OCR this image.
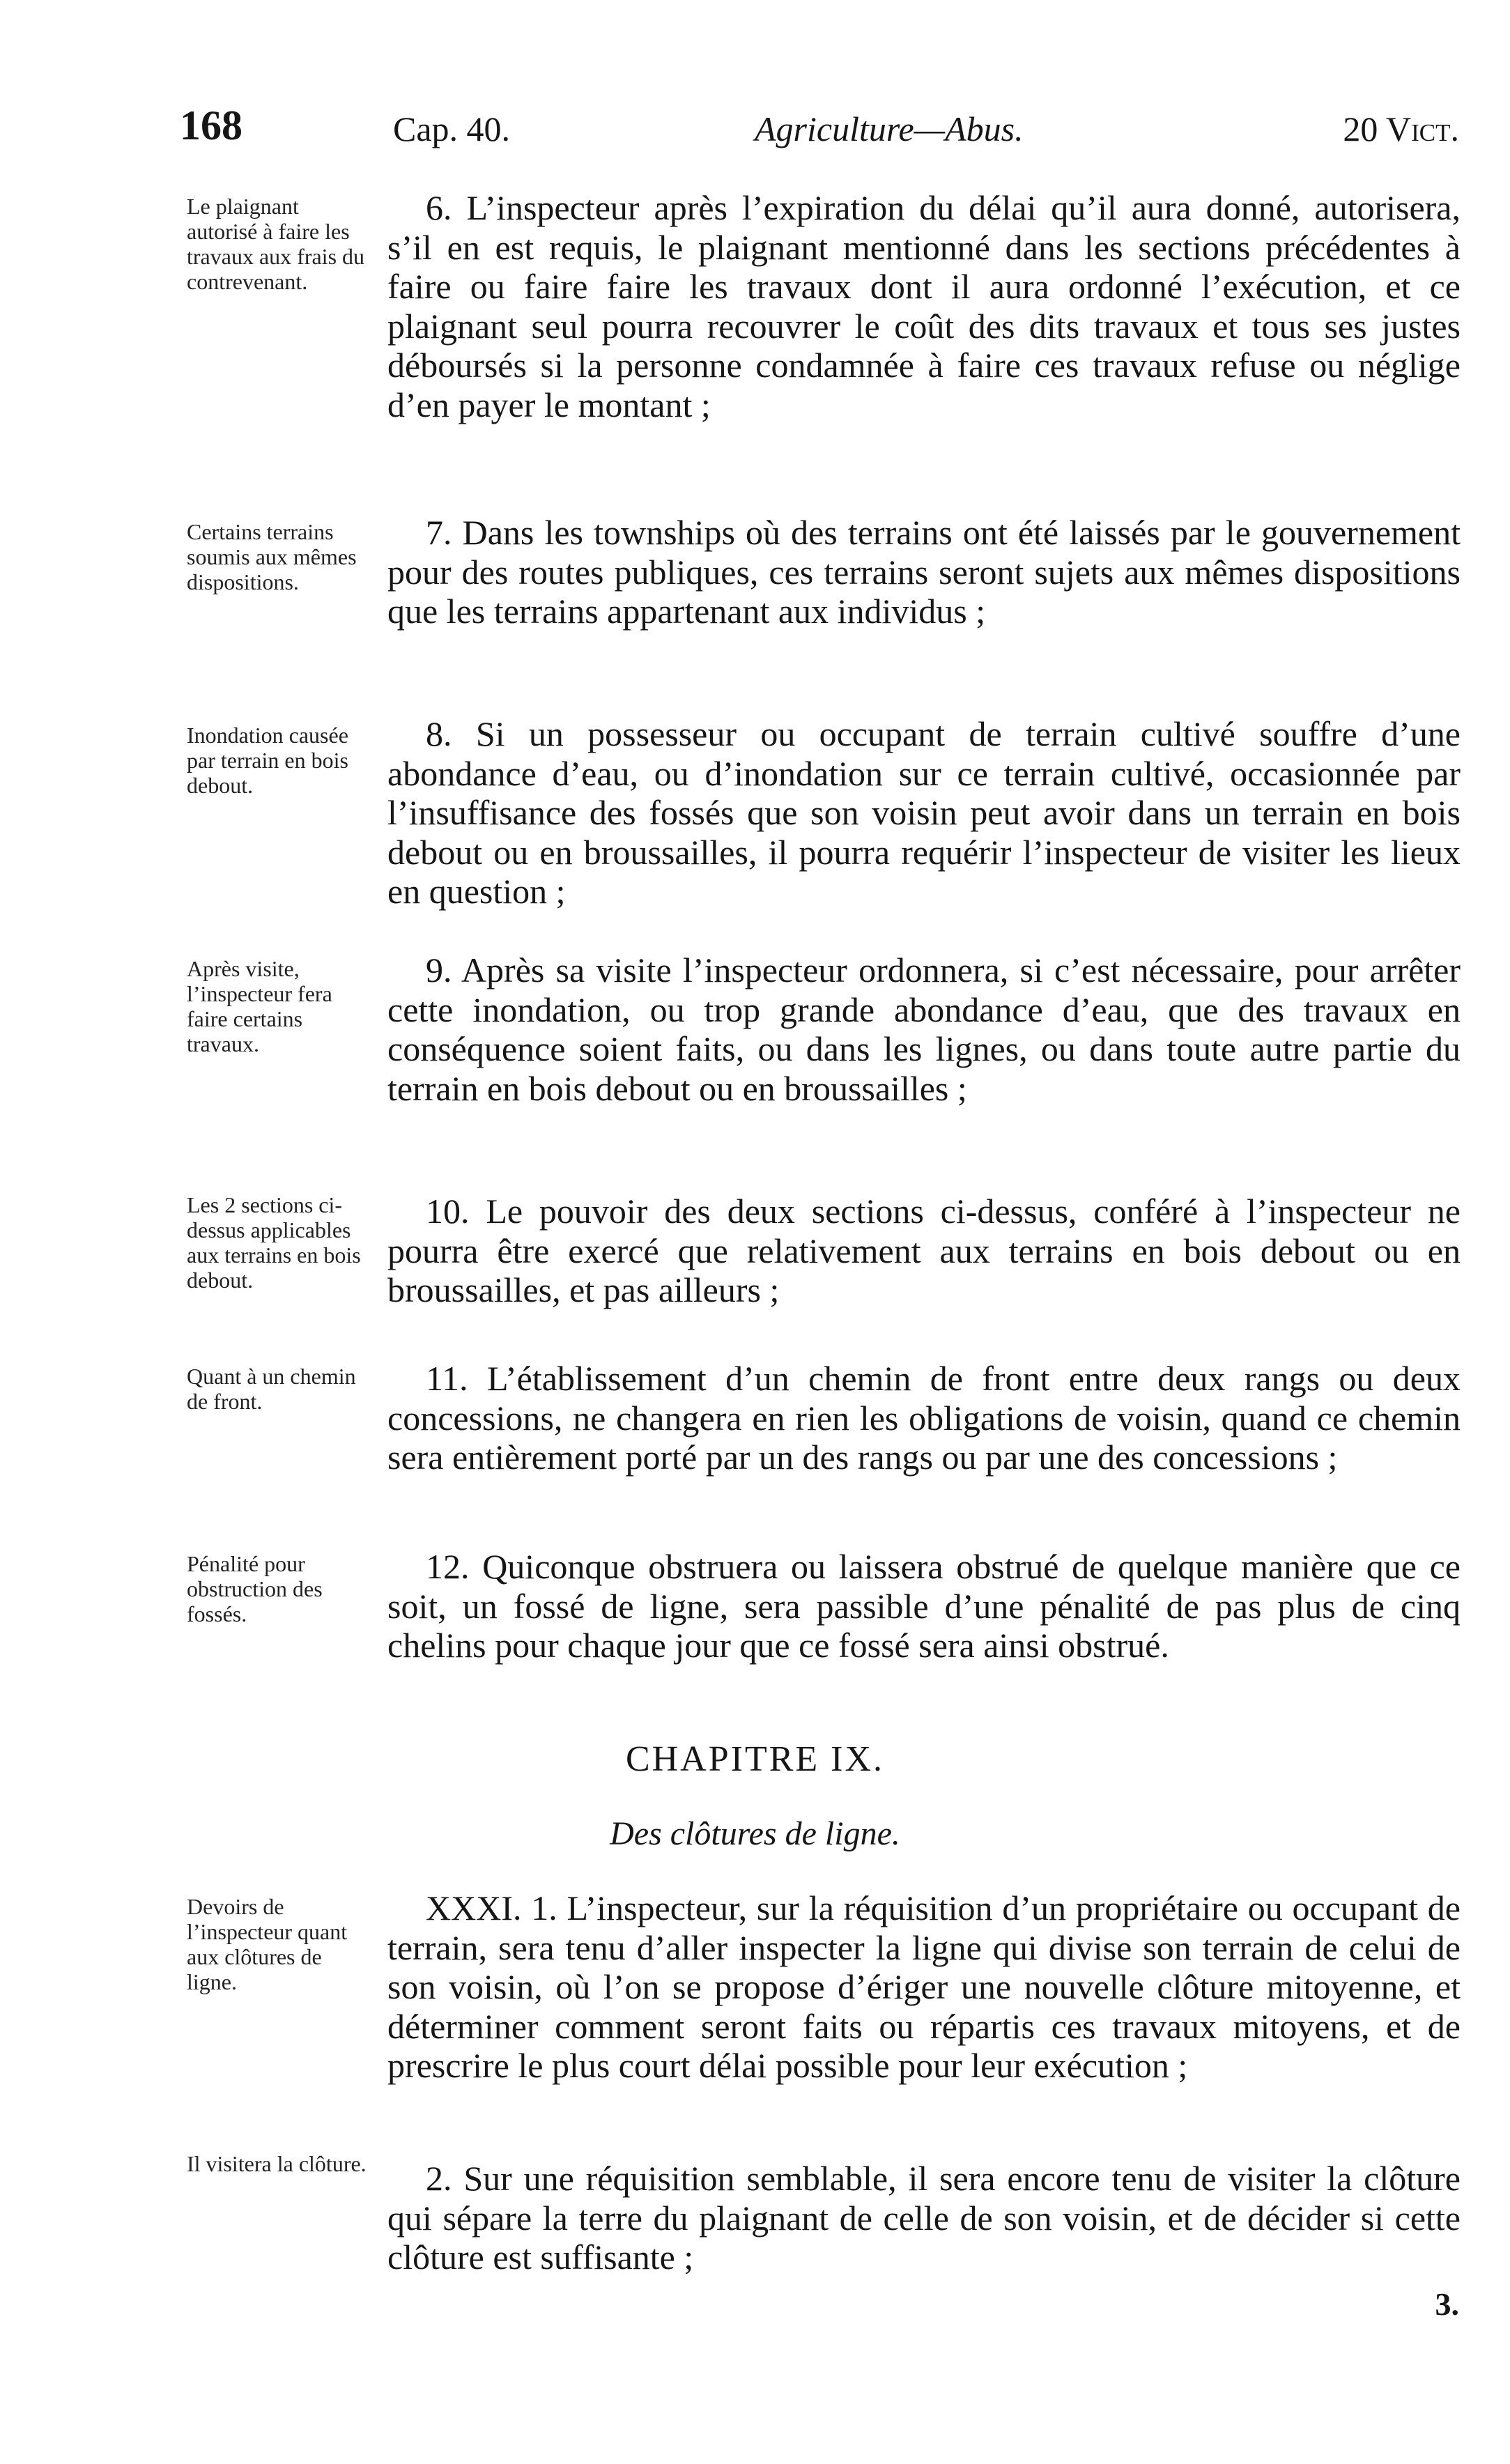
168	Cap. 40.	Agriculture—Abus.	20 Vict.
Le plaignant autorisé à faire les travaux aux frais du contrevenant.
6. L’inspecteur après l’expiration du délai qu’il aura donné, autorisera, s’il en est requis, le plaignant mentionné dans les sections précédentes à faire ou faire faire les travaux dont il aura ordonné l’exécution, et ce plaignant seul pourra recouvrer le coût des dits travaux et tous ses justes déboursés si la personne condamnée à faire ces travaux refuse ou néglige d’en payer le montant ;
Certains terrains soumis aux mêmes dispositions.
7. Dans les townships où des terrains ont été laissés par le gouvernement pour des routes publiques, ces terrains seront sujets aux mêmes dispositions que les terrains appartenant aux individus ;
Inondation causée par terrain en bois debout.
8. Si un possesseur ou occupant de terrain cultivé souffre d’une abondance d’eau, ou d’inondation sur ce terrain cultivé, occasionnée par l’insuffisance des fossés que son voisin peut avoir dans un terrain en bois debout ou en broussailles, il pourra requérir l’inspecteur de visiter les lieux en question ;
Après visite, l’inspecteur fera faire certains travaux.
9. Après sa visite l’inspecteur ordonnera, si c’est nécessaire, pour arrêter cette inondation, ou trop grande abondance d’eau, que des travaux en conséquence soient faits, ou dans les lignes, ou dans toute autre partie du terrain en bois debout ou en broussailles ;
Les 2 sections ci-dessus applicables aux terrains en bois debout.
10. Le pouvoir des deux sections ci-dessus, conféré à l’inspecteur ne pourra être exercé que relativement aux terrains en bois debout ou en broussailles, et pas ailleurs ;
Quant à un chemin de front.
11. L’établissement d’un chemin de front entre deux rangs ou deux concessions, ne changera en rien les obligations de voisin, quand ce chemin sera entièrement porté par un des rangs ou par une des concessions ;
Pénalité pour obstruction des fossés.
12. Quiconque obstruera ou laissera obstrué de quelque manière que ce soit, un fossé de ligne, sera passible d’une pénalité de pas plus de cinq chelins pour chaque jour que ce fossé sera ainsi obstrué.
CHAPITRE IX.
Des clôtures de ligne.
Devoirs de l’inspecteur quant aux clôtures de ligne.
XXXI. 1. L’inspecteur, sur la réquisition d’un propriétaire ou occupant de terrain, sera tenu d’aller inspecter la ligne qui divise son terrain de celui de son voisin, où l’on se propose d’ériger une nouvelle clôture mitoyenne, et déterminer comment seront faits ou répartis ces travaux mitoyens, et de prescrire le plus court délai possible pour leur exécution ;
Il visitera la clôture.	2. Sur une réquisition semblable, il sera encore tenu de visiter la clôture qui sépare la terre du plaignant de celle de son voisin, et de décider si cette clôture est suffisante ;
3.
